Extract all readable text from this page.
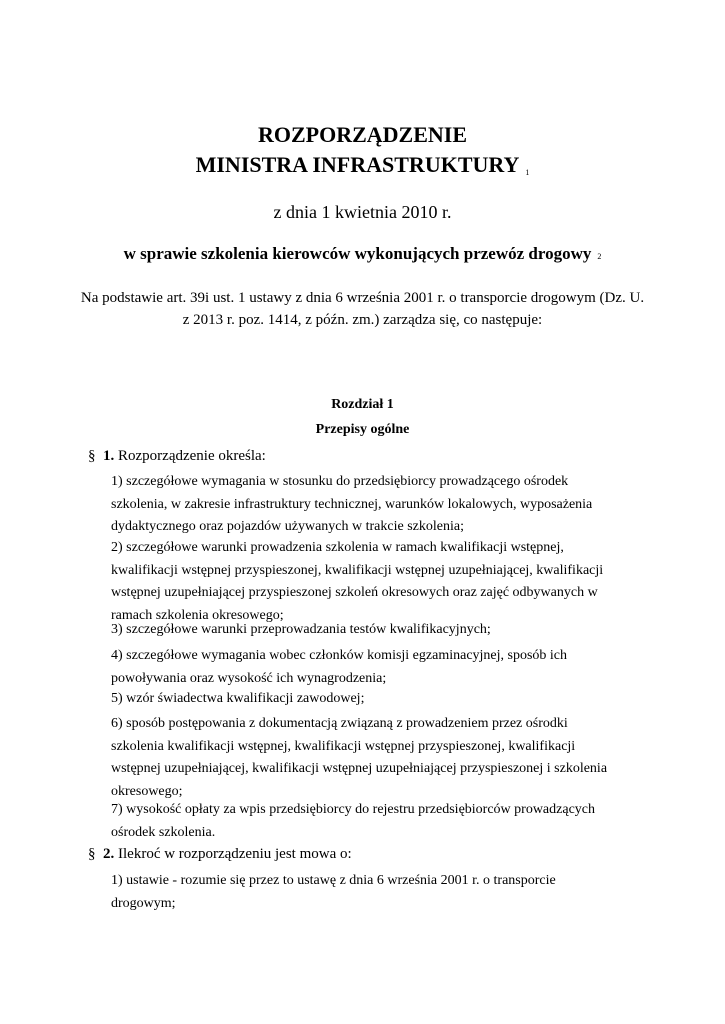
ROZPORZĄDZENIE
MINISTRA INFRASTRUKTURY $^1$
z dnia 1 kwietnia 2010 r.
w sprawie szkolenia kierowców wykonujących przewóz drogowy $^2$
Na podstawie art. 39i ust. 1 ustawy z dnia 6 września 2001 r. o transporcie drogowym (Dz. U.
z 2013 r. poz. 1414, z późn. zm.) zarządza się, co następuje:
Rozdział 1
Przepisy ogólne
§ 1. Rozporządzenie określa:
1) szczegółowe wymagania w stosunku do przedsiębiorcy prowadzącego ośrodek
szkolenia, w zakresie infrastruktury technicznej, warunków lokalowych, wyposażenia
dydaktycznego oraz pojazdów używanych w trakcie szkolenia;
2) szczegółowe warunki prowadzenia szkolenia w ramach kwalifikacji wstępnej,
kwalifikacji wstępnej przyspieszonej, kwalifikacji wstępnej uzupełniającej, kwalifikacji
wstępnej uzupełniającej przyspieszonej szkoleń okresowych oraz zajęć odbywanych w
ramach szkolenia okresowego;
3) szczegółowe warunki przeprowadzania testów kwalifikacyjnych;
4) szczegółowe wymagania wobec członków komisji egzaminacyjnej, sposób ich
powoływania oraz wysokość ich wynagrodzenia;
5) wzór świadectwa kwalifikacji zawodowej;
6) sposób postępowania z dokumentacją związaną z prowadzeniem przez ośrodki
szkolenia kwalifikacji wstępnej, kwalifikacji wstępnej przyspieszonej, kwalifikacji
wstępnej uzupełniającej, kwalifikacji wstępnej uzupełniającej przyspieszonej i szkolenia
okresowego;
7) wysokość opłaty za wpis przedsiębiorcy do rejestru przedsiębiorców prowadzących
ośrodek szkolenia.
§ 2. Ilekroć w rozporządzeniu jest mowa o:
1) ustawie - rozumie się przez to ustawę z dnia 6 września 2001 r. o transporcie
drogowym;
